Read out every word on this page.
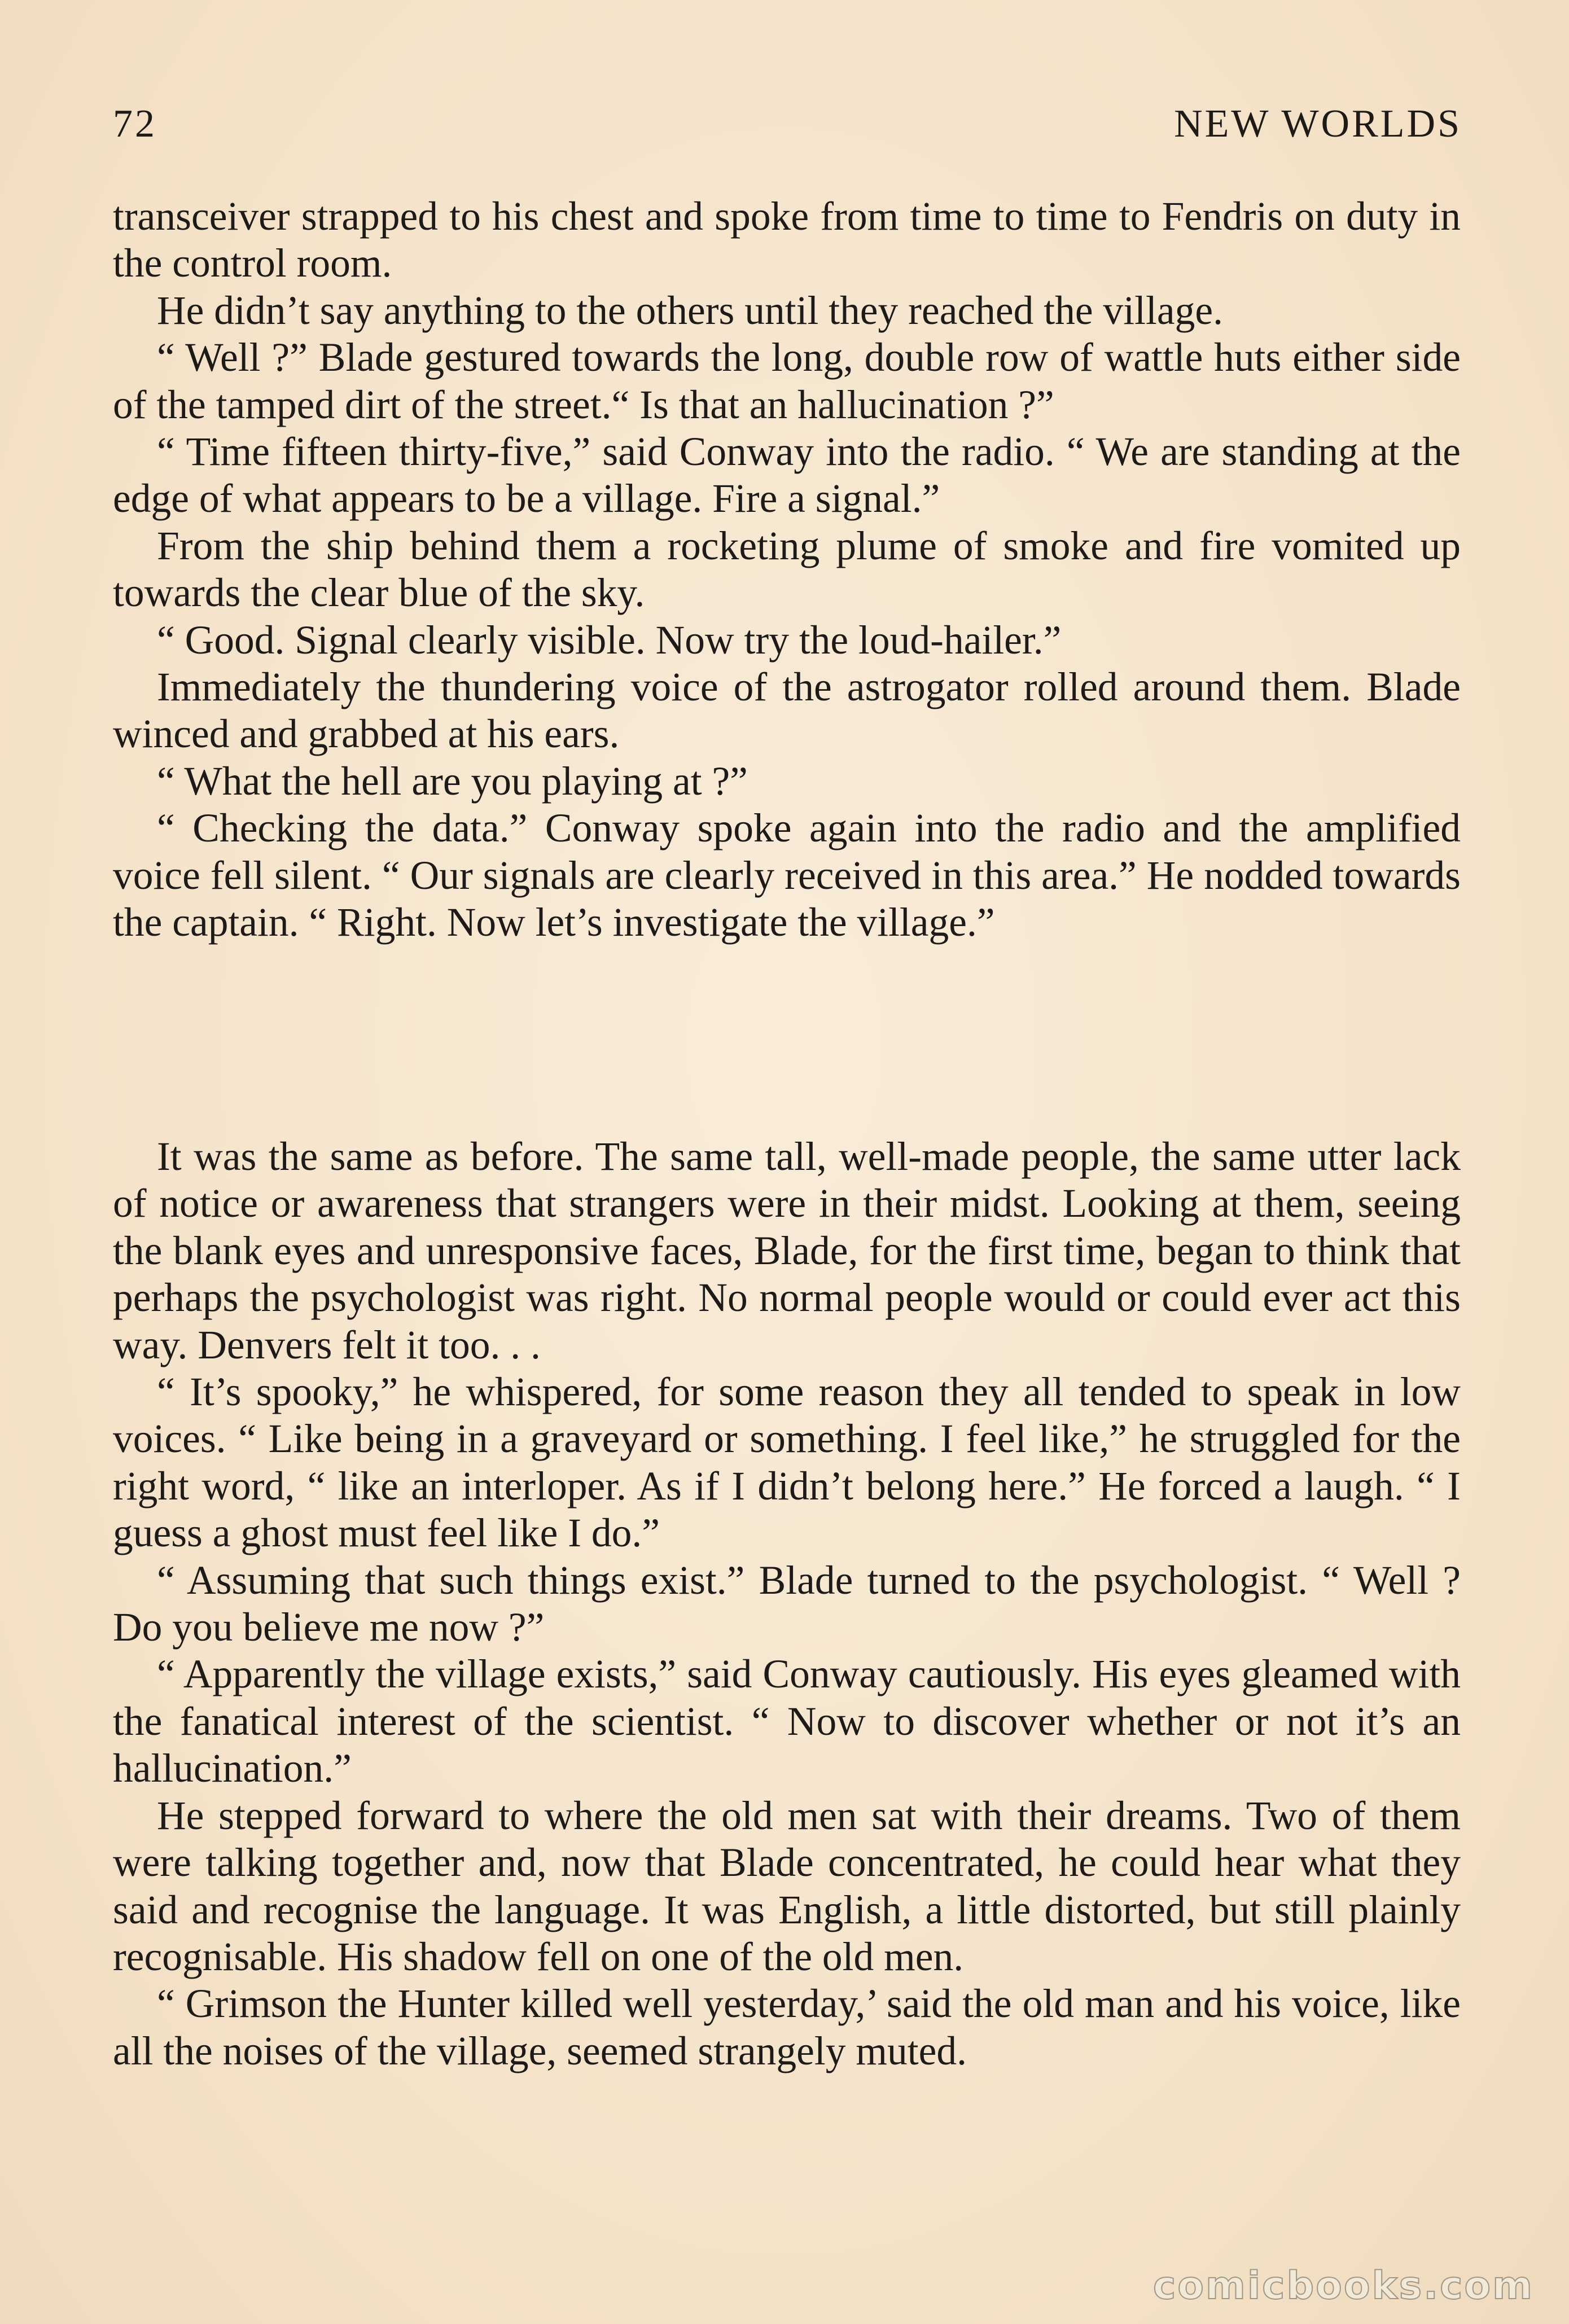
72	NEW WORLDS

transceiver strapped to his chest and spoke from time to time to Fendris on duty in the control room.

He didn’t say anything to the others until they reached the village.

“ Well ?” Blade gestured towards the long, double row of wattle huts either side of the tamped dirt of the street.“ Is that an hallucination ?”

“ Time fifteen thirty-five,” said Conway into the radio. “ We are standing at the edge of what appears to be a village. Fire a signal.”

From the ship behind them a rocketing plume of smoke and fire vomited up towards the clear blue of the sky.

“ Good. Signal clearly visible. Now try the loud-hailer.”

Immediately the thundering voice of the astrogator rolled around them. Blade winced and grabbed at his ears.

“ What the hell are you playing at ?”

“ Checking the data.” Conway spoke again into the radio and the amplified voice fell silent. “ Our signals are clearly received in this area.” He nodded towards the captain. “ Right. Now let’s investigate the village.”

It was the same as before. The same tall, well-made people, the same utter lack of notice or awareness that strangers were in their midst. Looking at them, seeing the blank eyes and unresponsive faces, Blade, for the first time, began to think that perhaps the psychologist was right. No normal people would or could ever act this way. Denvers felt it too. . .

“ It’s spooky,” he whispered, for some reason they all tended to speak in low voices. “ Like being in a graveyard or something. I feel like,” he struggled for the right word, “ like an interloper. As if I didn’t belong here.” He forced a laugh. “ I guess a ghost must feel like I do.”

“ Assuming that such things exist.” Blade turned to the psychologist. “ Well ? Do you believe me now ?”

“ Apparently the village exists,” said Conway cautiously. His eyes gleamed with the fanatical interest of the scientist. “ Now to discover whether or not it’s an hallucination.”

He stepped forward to where the old men sat with their dreams. Two of them were talking together and, now that Blade concentrated, he could hear what they said and recognise the language. It was English, a little distorted, but still plainly recognisable. His shadow fell on one of the old men.

“ Grimson the Hunter killed well yesterday,’ said the old man and his voice, like all the noises of the village, seemed strangely muted.

comicbooks.com
